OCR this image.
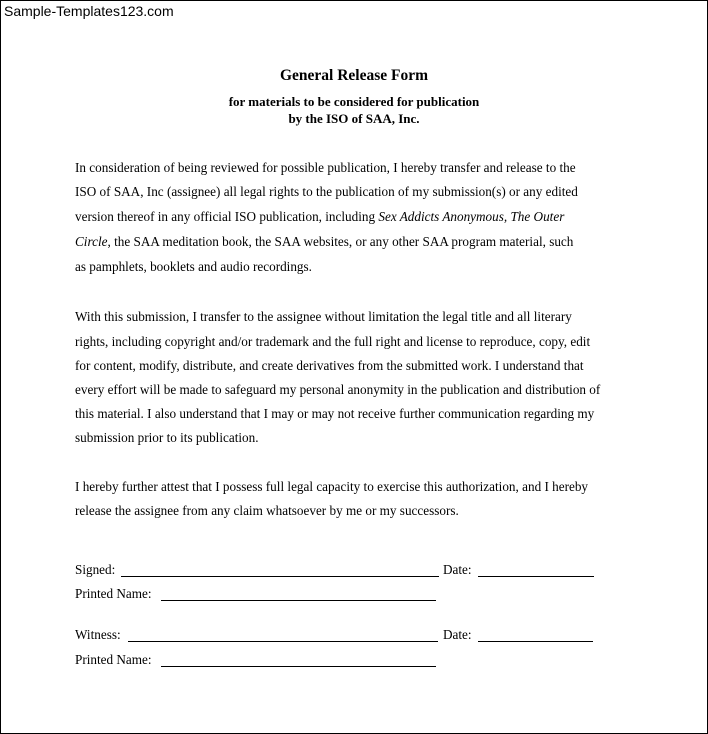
Sample-Templates123.com
General Release Form
for materials to be considered for publication
by the ISO of SAA, Inc.
In consideration of being reviewed for possible publication, I hereby transfer and release to the
ISO of SAA, Inc (assignee) all legal rights to the publication of my submission(s) or any edited
version thereof in any official ISO publication, including Sex Addicts Anonymous, The Outer
Circle, the SAA meditation book, the SAA websites, or any other SAA program material, such
as pamphlets, booklets and audio recordings.
With this submission, I transfer to the assignee without limitation the legal title and all literary
rights, including copyright and/or trademark and the full right and license to reproduce, copy, edit
for content, modify, distribute, and create derivatives from the submitted work. I understand that
every effort will be made to safeguard my personal anonymity in the publication and distribution of
this material. I also understand that I may or may not receive further communication regarding my
submission prior to its publication.
I hereby further attest that I possess full legal capacity to exercise this authorization, and I hereby
release the assignee from any claim whatsoever by me or my successors.
Signed:	Date:
Printed Name:
Witness:	Date:
Printed Name:
